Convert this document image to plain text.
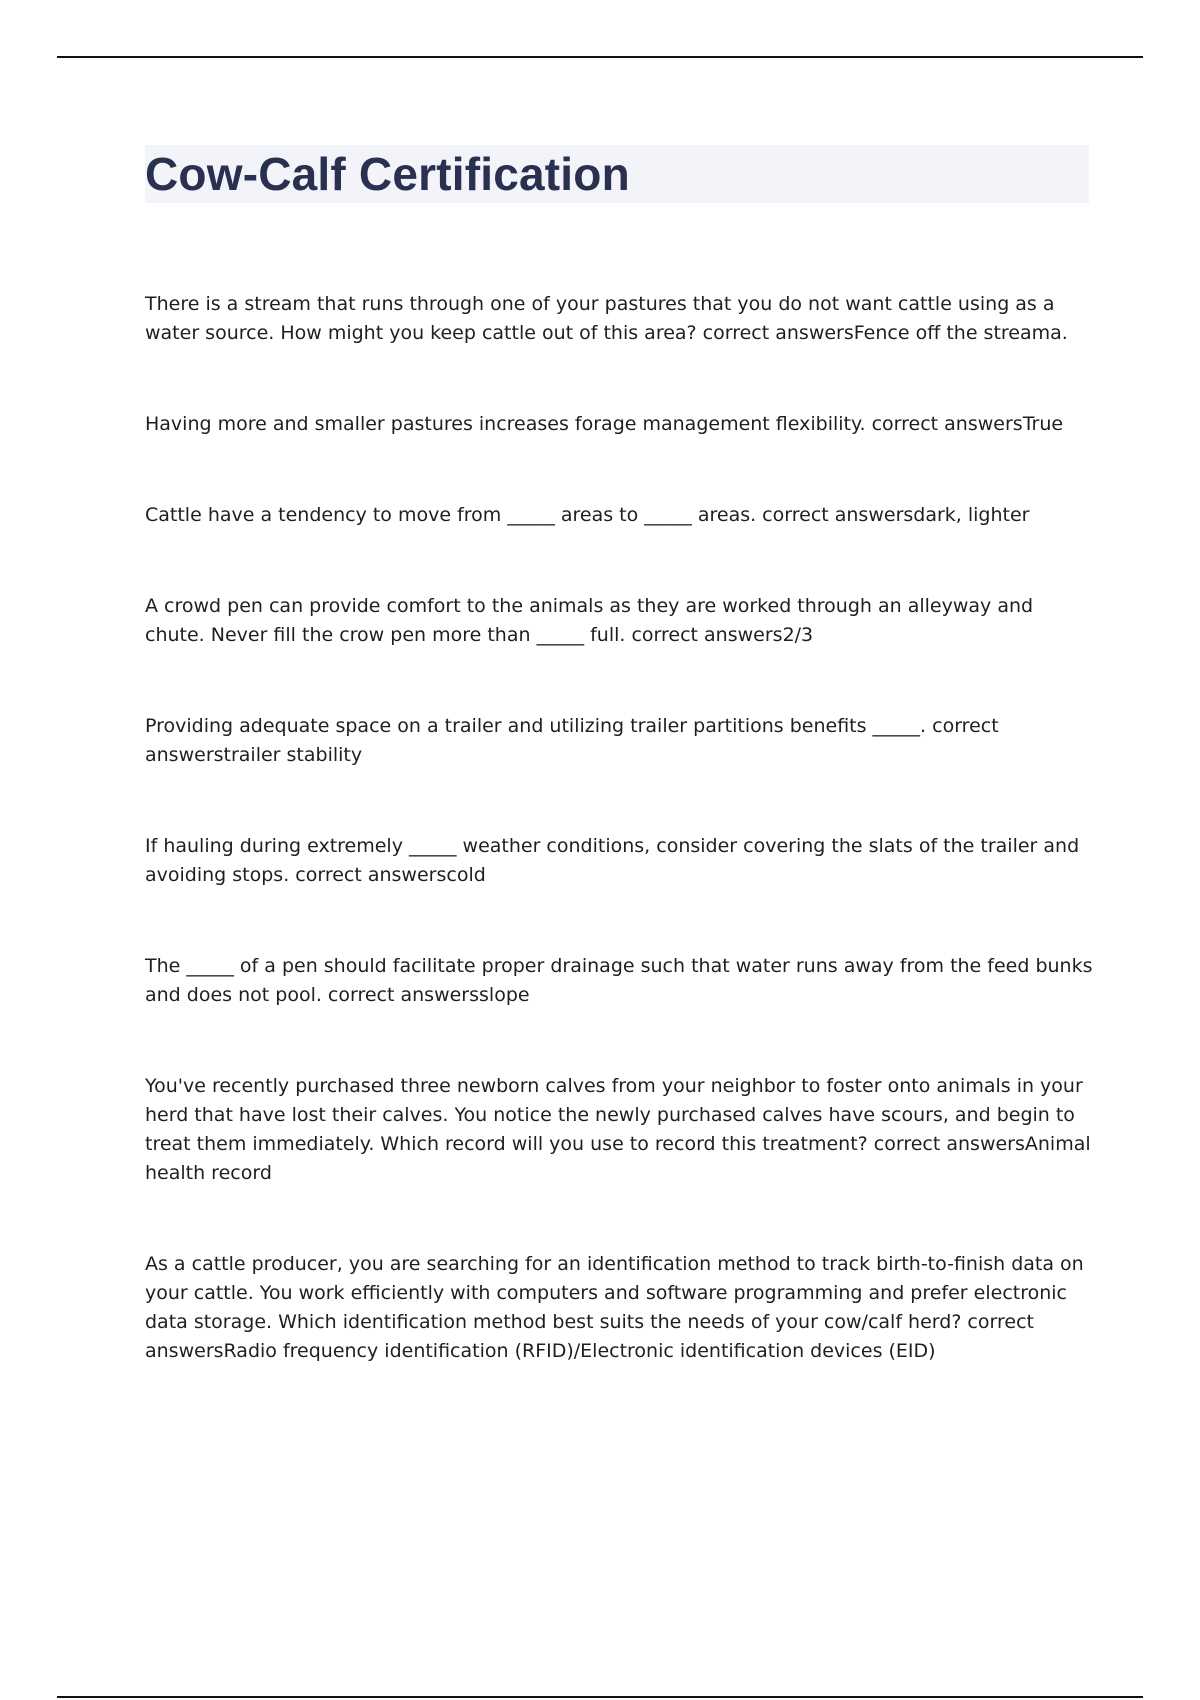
Cow-Calf Certification
There is a stream that runs through one of your pastures that you do not want cattle using as a water source. How might you keep cattle out of this area? correct answersFence off the streama.
Having more and smaller pastures increases forage management flexibility. correct answersTrue
Cattle have a tendency to move from _____ areas to _____ areas. correct answersdark, lighter
A crowd pen can provide comfort to the animals as they are worked through an alleyway and chute. Never fill the crow pen more than _____ full. correct answers2/3
Providing adequate space on a trailer and utilizing trailer partitions benefits _____. correct answerstrailer stability
If hauling during extremely _____ weather conditions, consider covering the slats of the trailer and avoiding stops. correct answerscold
The _____ of a pen should facilitate proper drainage such that water runs away from the feed bunks and does not pool. correct answersslope
You've recently purchased three newborn calves from your neighbor to foster onto animals in your herd that have lost their calves. You notice the newly purchased calves have scours, and begin to treat them immediately. Which record will you use to record this treatment? correct answersAnimal health record
As a cattle producer, you are searching for an identification method to track birth-to-finish data on your cattle. You work efficiently with computers and software programming and prefer electronic data storage. Which identification method best suits the needs of your cow/calf herd? correct answersRadio frequency identification (RFID)/Electronic identification devices (EID)
